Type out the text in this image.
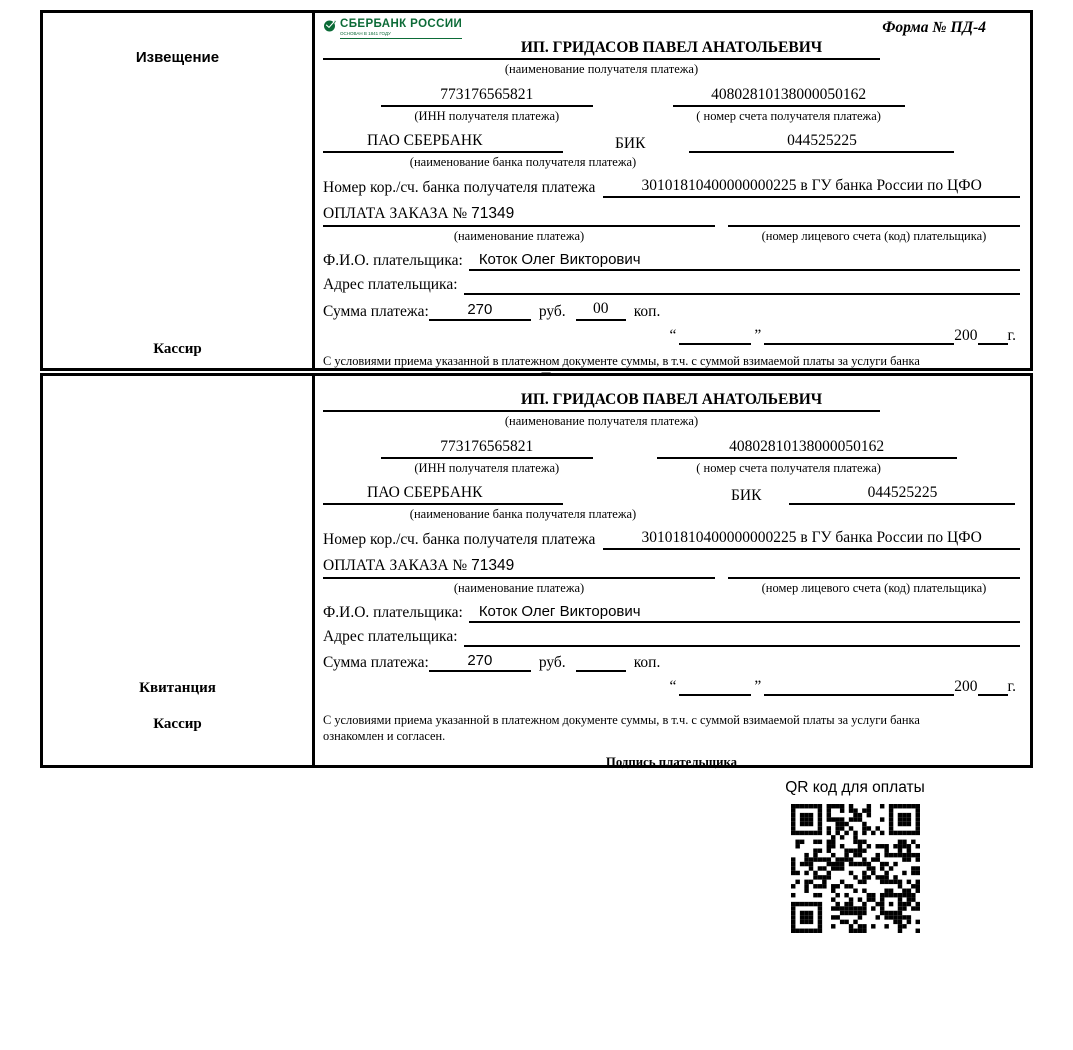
Извещение
Кассир
СБЕРБАНК РОССИИ
ОСНОВАН В 1841 ГОДУ	Форма № ПД-4
ИП. ГРИДАСОВ ПАВЕЛ АНАТОЛЬЕВИЧ
(наименование получателя платежа)
773176565821	40802810138000050162
(ИНН получателя платежа)	( номер счета получателя платежа)
ПАО СБЕРБАНК	БИК	044525225
(наименование банка получателя платежа)
Номер кор./сч. банка получателя платежа	30101810400000000225 в ГУ банка России по ЦФО
ОПЛАТА ЗАКАЗА № 71349
(наименование платежа)	(номер лицевого счета (код) плательщика)
Ф.И.О. плательщика:	Коток Олег Викторович
Адрес плательщика:
Сумма платежа:	270	руб.	00	коп.
“	”	200 г.
С условиями приема указанной в платежном документе суммы, в т.ч. с суммой взимаемой платы за услуги банка
Квитанция
Кассир
ИП. ГРИДАСОВ ПАВЕЛ АНАТОЛЬЕВИЧ
(наименование получателя платежа)
773176565821	40802810138000050162
(ИНН получателя платежа)	( номер счета получателя платежа)
ПАО СБЕРБАНК	БИК	044525225
(наименование банка получателя платежа)
Номер кор./сч. банка получателя платежа	30101810400000000225 в ГУ банка России по ЦФО
ОПЛАТА ЗАКАЗА № 71349
(наименование платежа)	(номер лицевого счета (код) плательщика)
Ф.И.О. плательщика:	Коток Олег Викторович
Адрес плательщика:
Сумма платежа:	270	руб.	коп.
“	”	200 г.
С условиями приема указанной в платежном документе суммы, в т.ч. с суммой взимаемой платы за услуги банка
ознакомлен и согласен.
Подпись плательщика
QR код для оплаты
